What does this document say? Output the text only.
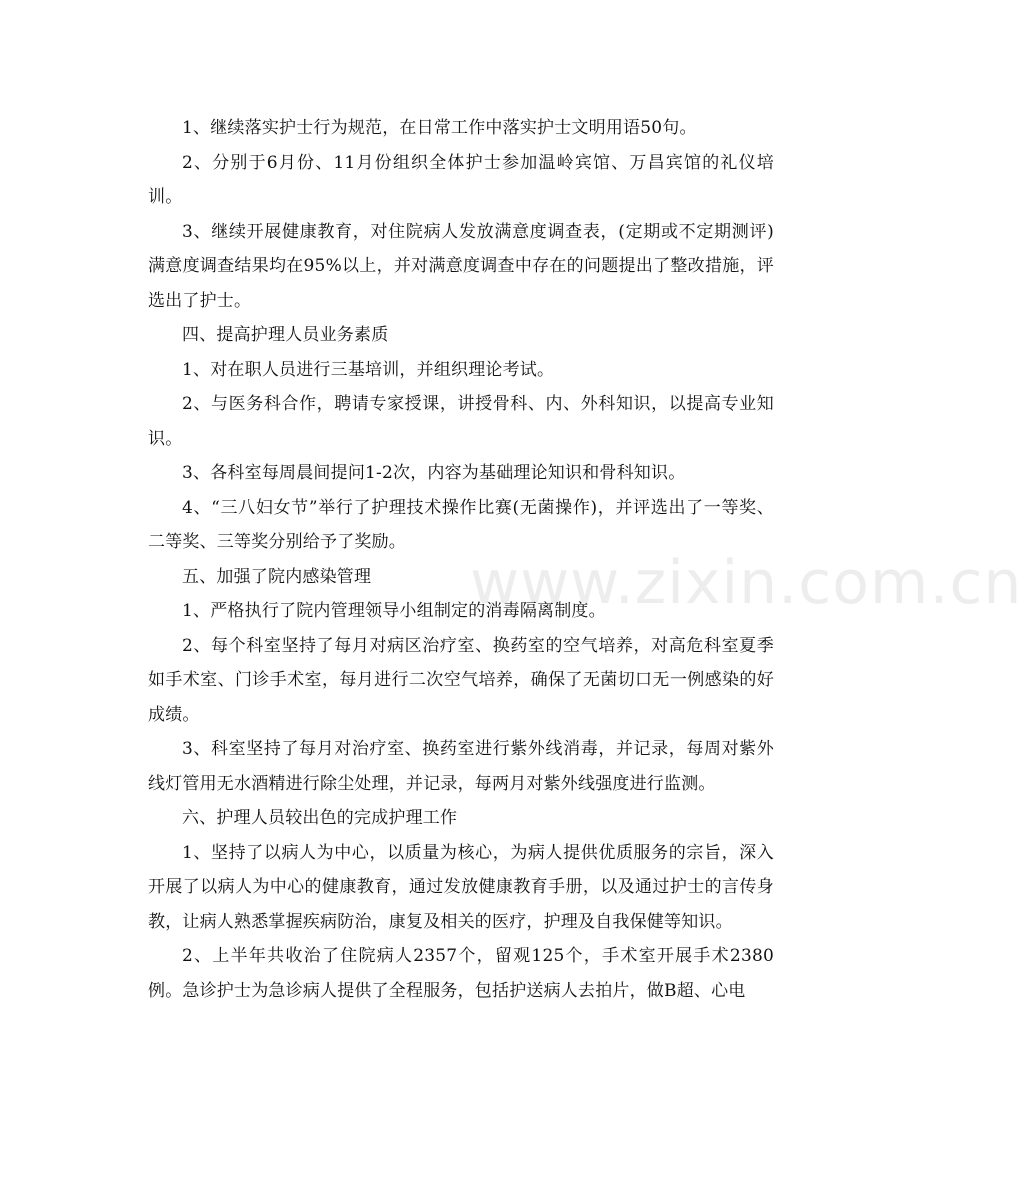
1、继续落实护士行为规范，在日常工作中落实护士文明用语50句。

2、分别于6月份、11月份组织全体护士参加温岭宾馆、万昌宾馆的礼仪培训。

3、继续开展健康教育，对住院病人发放满意度调查表，(定期或不定期测评)满意度调查结果均在95%以上，并对满意度调查中存在的问题提出了整改措施，评选出了护士。

四、提高护理人员业务素质

1、对在职人员进行三基培训，并组织理论考试。

2、与医务科合作，聘请专家授课，讲授骨科、内、外科知识，以提高专业知识。

3、各科室每周晨间提问1-2次，内容为基础理论知识和骨科知识。

4、“三八妇女节”举行了护理技术操作比赛(无菌操作)，并评选出了一等奖、二等奖、三等奖分别给予了奖励。

五、加强了院内感染管理

1、严格执行了院内管理领导小组制定的消毒隔离制度。

2、每个科室坚持了每月对病区治疗室、换药室的空气培养，对高危科室夏季如手术室、门诊手术室，每月进行二次空气培养，确保了无菌切口无一例感染的好成绩。

3、科室坚持了每月对治疗室、换药室进行紫外线消毒，并记录，每周对紫外线灯管用无水酒精进行除尘处理，并记录，每两月对紫外线强度进行监测。

六、护理人员较出色的完成护理工作

1、坚持了以病人为中心，以质量为核心，为病人提供优质服务的宗旨，深入开展了以病人为中心的健康教育，通过发放健康教育手册，以及通过护士的言传身教，让病人熟悉掌握疾病防治，康复及相关的医疗，护理及自我保健等知识。

2、上半年共收治了住院病人2357个，留观125个，手术室开展手术2380例。急诊护士为急诊病人提供了全程服务，包括护送病人去拍片，做B超、心电

www.zixin.com.cn
